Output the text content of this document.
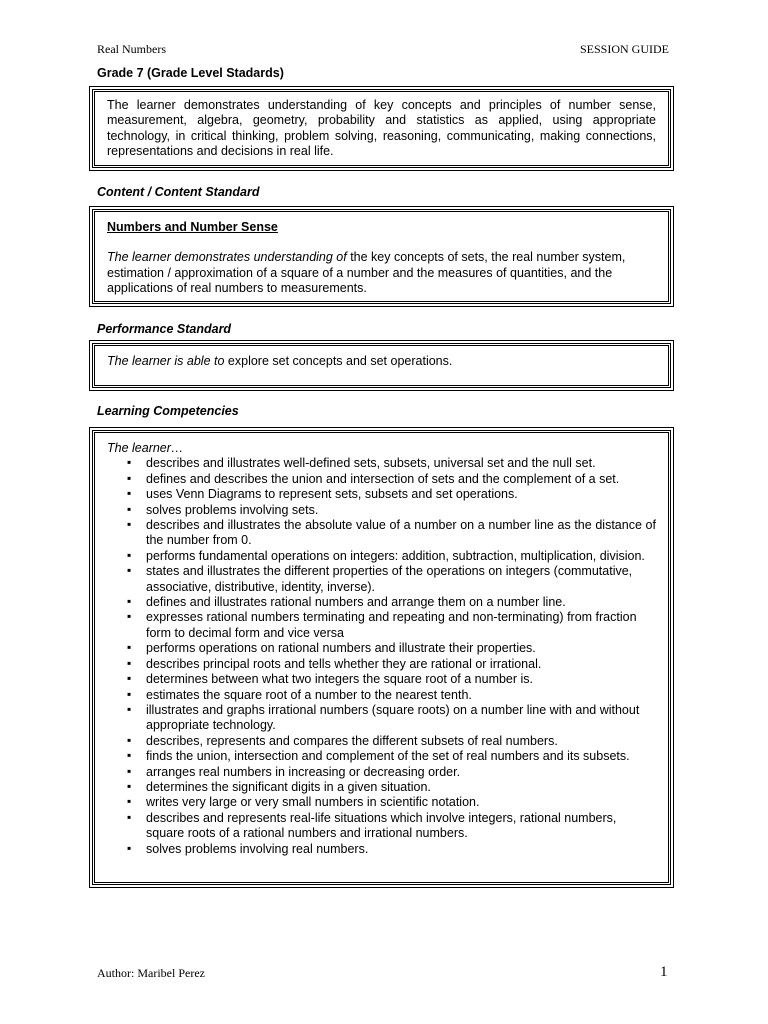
Real Numbers	SESSION GUIDE
Grade 7 (Grade Level Stadards)

The learner demonstrates understanding of key concepts and principles of number sense, measurement, algebra, geometry, probability and statistics as applied, using appropriate technology, in critical thinking, problem solving, reasoning, communicating, making connections, representations and decisions in real life.

Content / Content Standard
Numbers and Number Sense

The learner demonstrates understanding of the key concepts of sets, the real number system, estimation / approximation of a square of a number and the measures of quantities, and the applications of real numbers to measurements.

Performance Standard

The learner is able to explore set concepts and set operations.

Learning Competencies
The learner…
▪ describes and illustrates well-defined sets, subsets, universal set and the null set.
▪ defines and describes the union and intersection of sets and the complement of a set.
▪ uses Venn Diagrams to represent sets, subsets and set operations.
▪ solves problems involving sets.
▪ describes and illustrates the absolute value of a number on a number line as the distance of the number from 0.
▪ performs fundamental operations on integers: addition, subtraction, multiplication, division.
▪ states and illustrates the different properties of the operations on integers (commutative, associative, distributive, identity, inverse).
▪ defines and illustrates rational numbers and arrange them on a number line.
▪ expresses rational numbers terminating and repeating and non-terminating) from fraction form to decimal form and vice versa
▪ performs operations on rational numbers and illustrate their properties.
▪ describes principal roots and tells whether they are rational or irrational.
▪ determines between what two integers the square root of a number is.
▪ estimates the square root of a number to the nearest tenth.
▪ illustrates and graphs irrational numbers (square roots) on a number line with and without appropriate technology.
▪ describes, represents and compares the different subsets of real numbers.
▪ finds the union, intersection and complement of the set of real numbers and its subsets.
▪ arranges real numbers in increasing or decreasing order.
▪ determines the significant digits in a given situation.
▪ writes very large or very small numbers in scientific notation.
▪ describes and represents real-life situations which involve integers, rational numbers, square roots of a rational numbers and irrational numbers.
▪ solves problems involving real numbers.
Author: Maribel Perez	1
